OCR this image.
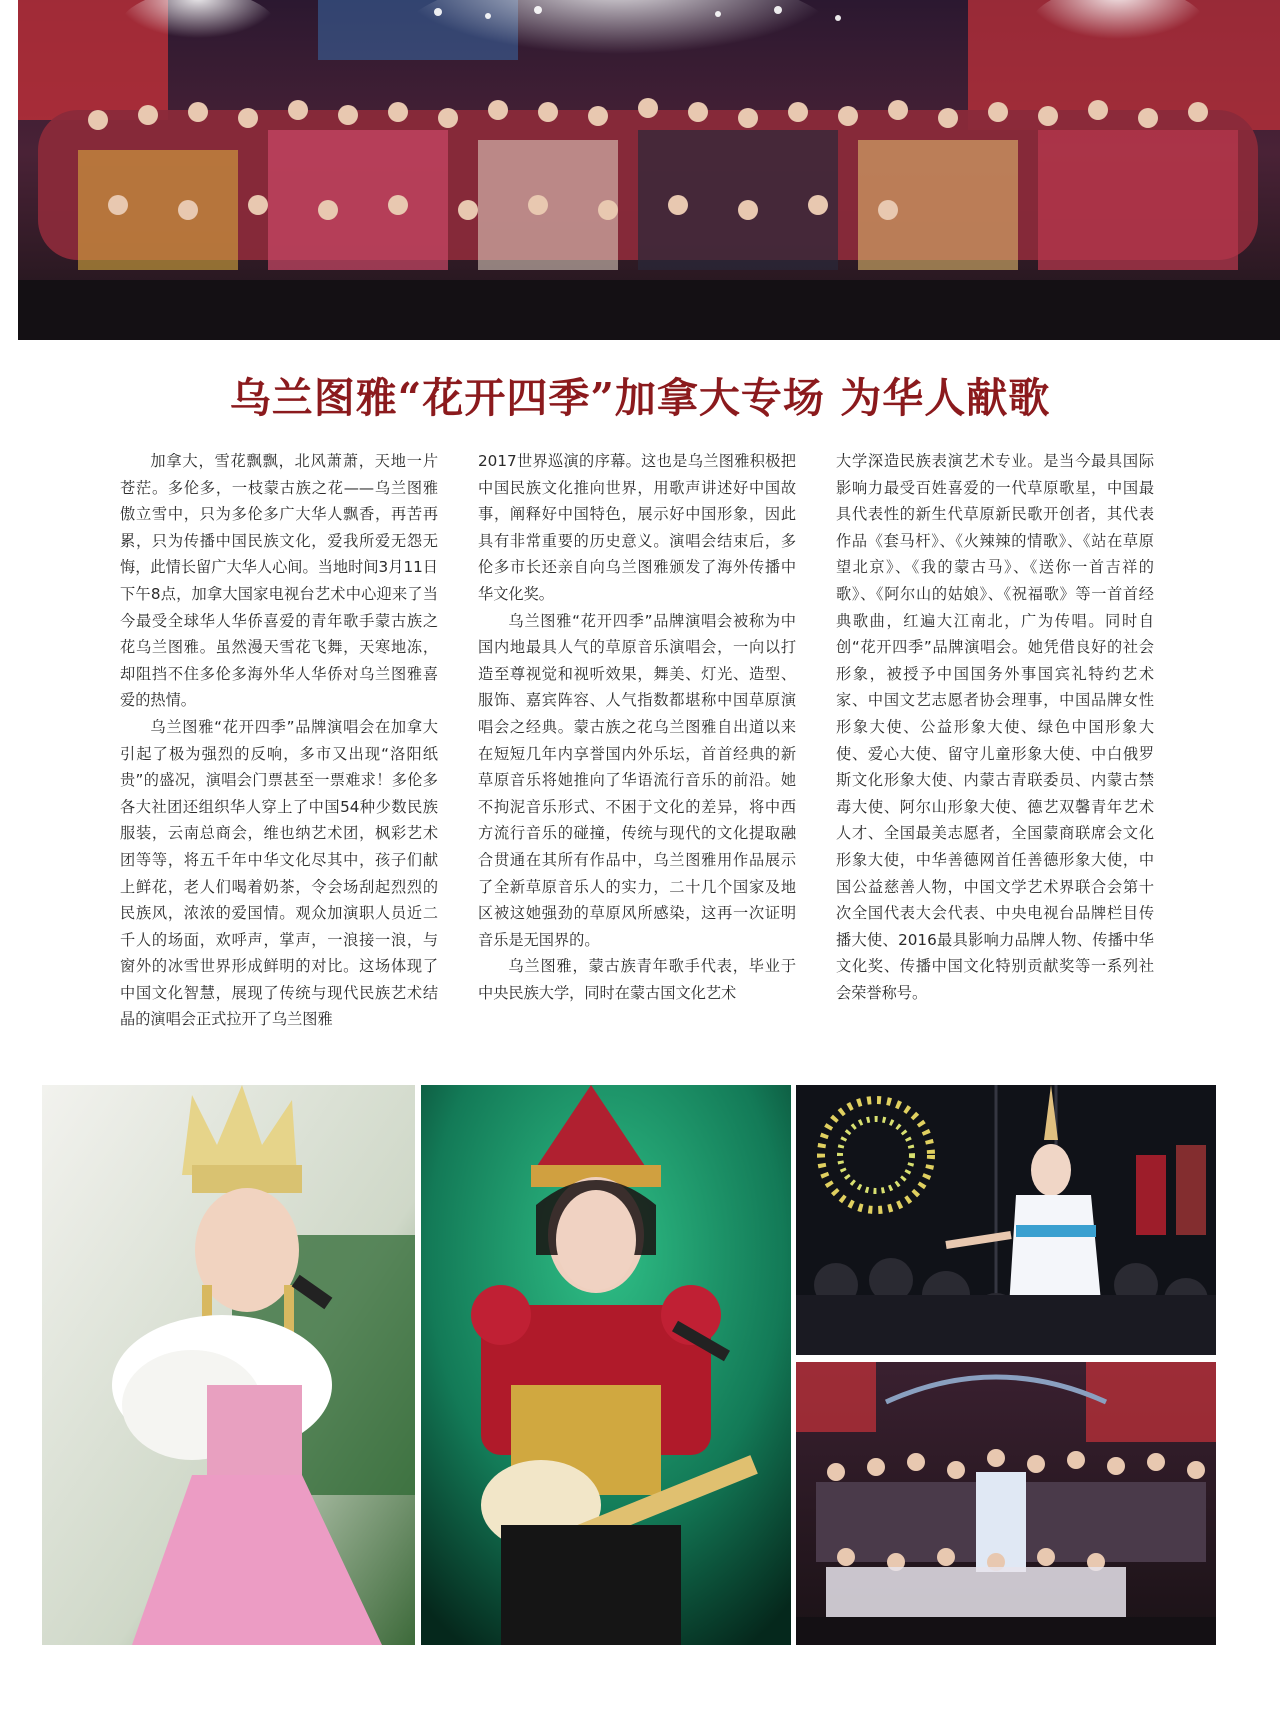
乌兰图雅“花开四季”加拿大专场 为华人献歌

加拿大，雪花飘飘，北风萧萧，天地一片苍茫。多伦多，一枝蒙古族之花——乌兰图雅傲立雪中，只为多伦多广大华人飘香，再苦再累，只为传播中国民族文化，爱我所爱无怨无悔，此情长留广大华人心间。当地时间3月11日下午8点，加拿大国家电视台艺术中心迎来了当今最受全球华人华侨喜爱的青年歌手蒙古族之花乌兰图雅。虽然漫天雪花飞舞，天寒地冻，却阻挡不住多伦多海外华人华侨对乌兰图雅喜爱的热情。

乌兰图雅“花开四季”品牌演唱会在加拿大引起了极为强烈的反响，多市又出现“洛阳纸贵”的盛况，演唱会门票甚至一票难求！多伦多各大社团还组织华人穿上了中国54种少数民族服装，云南总商会，维也纳艺术团，枫彩艺术团等等，将五千年中华文化尽其中，孩子们献上鲜花，老人们喝着奶茶，令会场刮起烈烈的民族风，浓浓的爱国情。观众加演职人员近二千人的场面，欢呼声，掌声，一浪接一浪，与窗外的冰雪世界形成鲜明的对比。这场体现了中国文化智慧，展现了传统与现代民族艺术结晶的演唱会正式拉开了乌兰图雅

2017世界巡演的序幕。这也是乌兰图雅积极把中国民族文化推向世界，用歌声讲述好中国故事，阐释好中国特色，展示好中国形象，因此具有非常重要的历史意义。演唱会结束后，多伦多市长还亲自向乌兰图雅颁发了海外传播中华文化奖。

乌兰图雅“花开四季”品牌演唱会被称为中国内地最具人气的草原音乐演唱会，一向以打造至尊视觉和视听效果，舞美、灯光、造型、服饰、嘉宾阵容、人气指数都堪称中国草原演唱会之经典。蒙古族之花乌兰图雅自出道以来在短短几年内享誉国内外乐坛，首首经典的新草原音乐将她推向了华语流行音乐的前沿。她不拘泥音乐形式、不困于文化的差异，将中西方流行音乐的碰撞，传统与现代的文化提取融合贯通在其所有作品中，乌兰图雅用作品展示了全新草原音乐人的实力，二十几个国家及地区被这她强劲的草原风所感染，这再一次证明音乐是无国界的。

乌兰图雅，蒙古族青年歌手代表，毕业于中央民族大学，同时在蒙古国文化艺术

大学深造民族表演艺术专业。是当今最具国际影响力最受百姓喜爱的一代草原歌星，中国最具代表性的新生代草原新民歌开创者，其代表作品《套马杆》、《火辣辣的情歌》、《站在草原望北京》、《我的蒙古马》、《送你一首吉祥的歌》、《阿尔山的姑娘》、《祝福歌》等一首首经典歌曲，红遍大江南北，广为传唱。同时自创“花开四季”品牌演唱会。她凭借良好的社会形象，被授予中国国务外事国宾礼特约艺术家、中国文艺志愿者协会理事，中国品牌女性形象大使、公益形象大使、绿色中国形象大使、爱心大使、留守儿童形象大使、中白俄罗斯文化形象大使、内蒙古青联委员、内蒙古禁毒大使、阿尔山形象大使、德艺双馨青年艺术人才、全国最美志愿者，全国蒙商联席会文化形象大使，中华善德网首任善德形象大使，中国公益慈善人物，中国文学艺术界联合会第十次全国代表大会代表、中央电视台品牌栏目传播大使、2016最具影响力品牌人物、传播中华文化奖、传播中国文化特别贡献奖等一系列社会荣誉称号。
